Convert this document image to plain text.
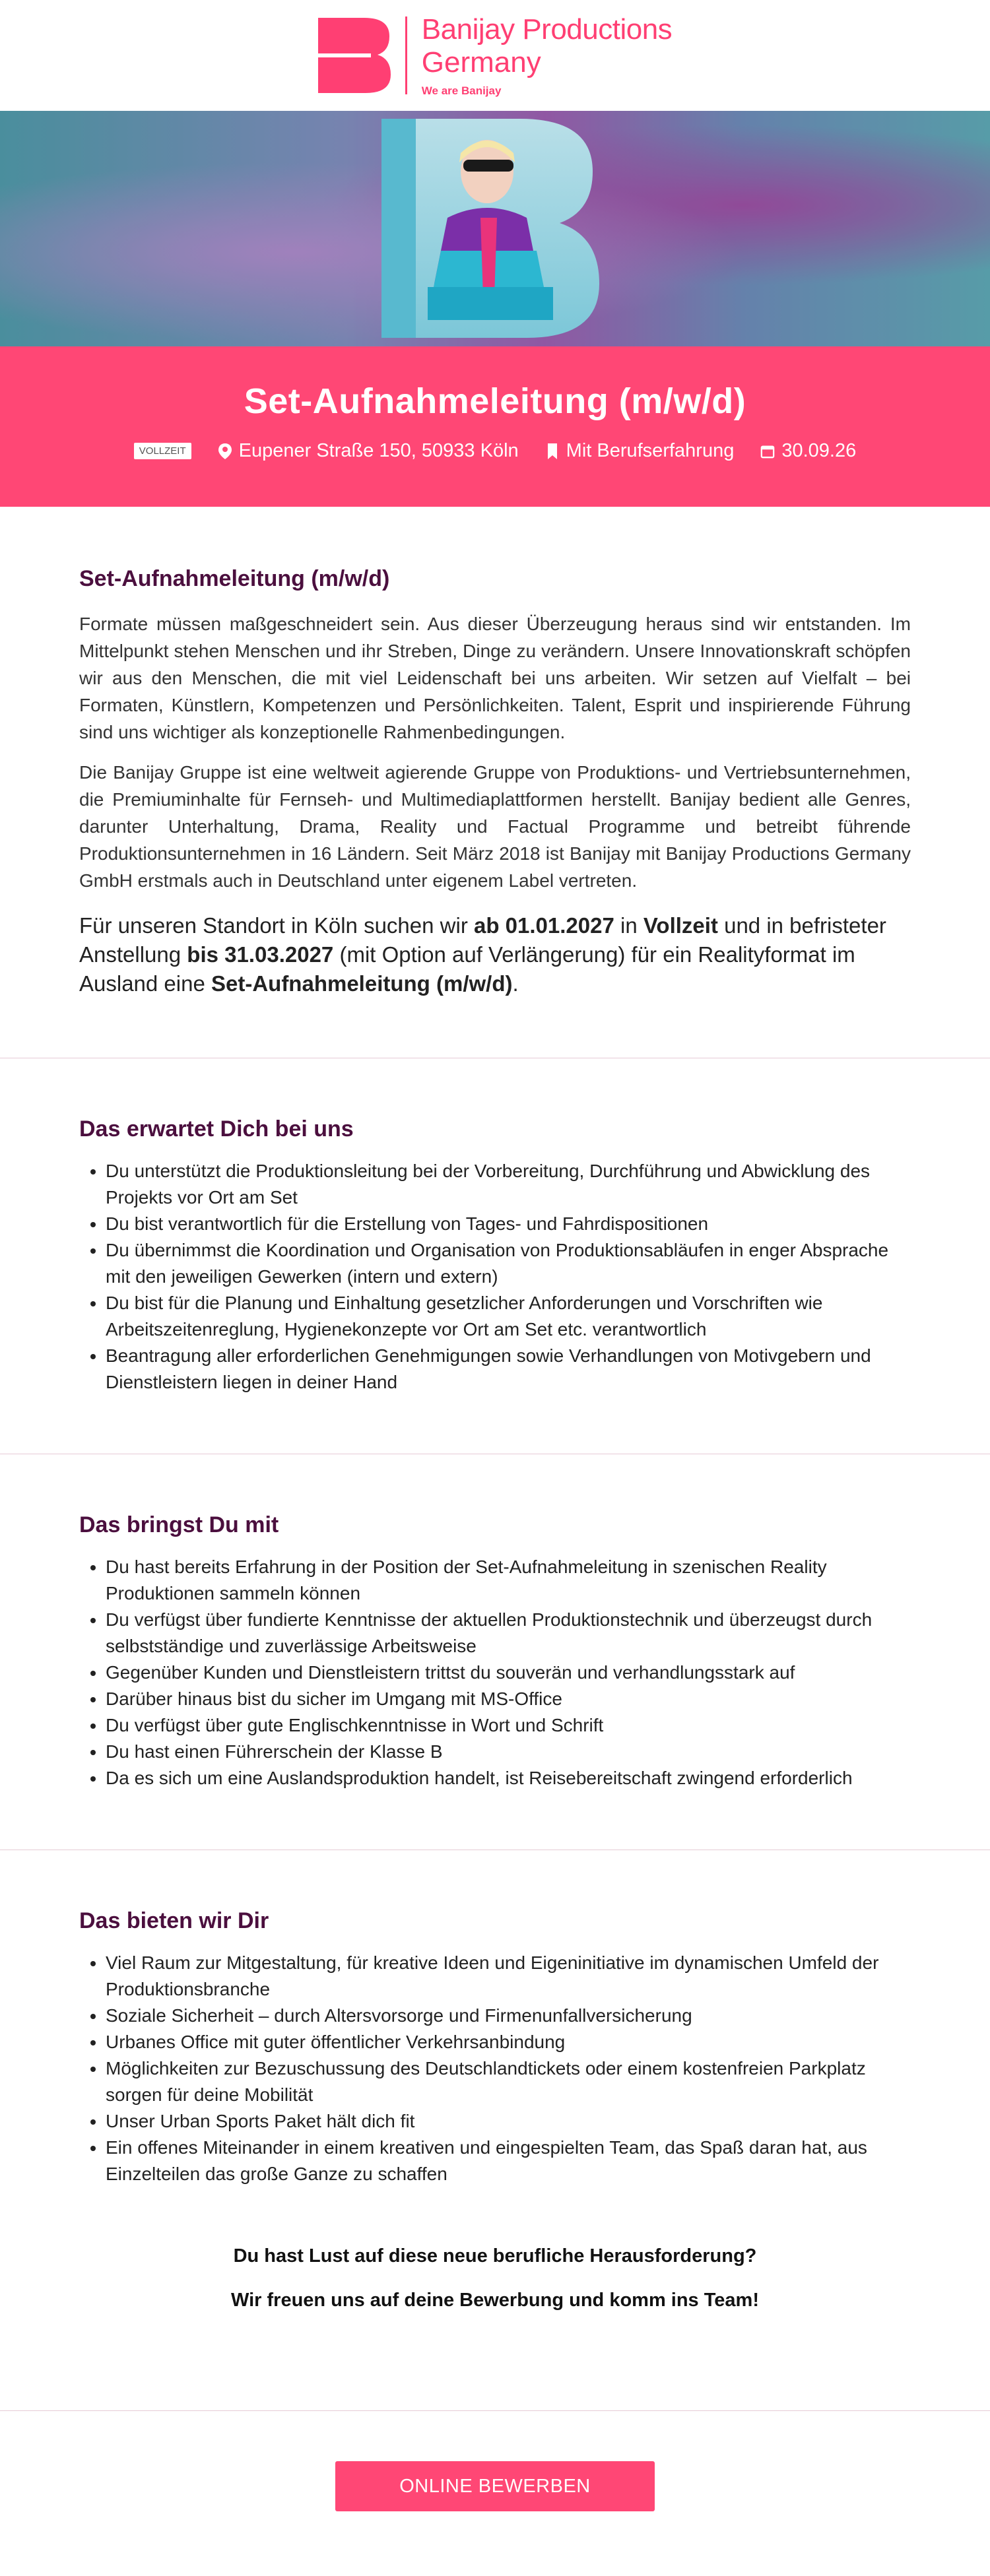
Banijay Productions
Germany
We are Banijay
Set-Aufnahmeleitung (m/w/d)
VOLLZEIT	Eupener Straße 150, 50933 Köln Mit Berufserfahrung 30.09.26
Set-Aufnahmeleitung (m/w/d)

Formate müssen maßgeschneidert sein. Aus dieser Überzeugung heraus sind wir entstanden. Im Mittelpunkt stehen Menschen und ihr Streben, Dinge zu verändern. Unsere Innovationskraft schöpfen wir aus den Menschen, die mit viel Leidenschaft bei uns arbeiten. Wir setzen auf Vielfalt – bei Formaten, Künstlern, Kompetenzen und Persönlichkeiten. Talent, Esprit und inspirierende Führung sind uns wichtiger als konzeptionelle Rahmenbedingungen.

Die Banijay Gruppe ist eine weltweit agierende Gruppe von Produktions- und Vertriebsunternehmen, die Premiuminhalte für Fernseh- und Multimediaplattformen herstellt. Banijay bedient alle Genres, darunter Unterhaltung, Drama, Reality und Factual Programme und betreibt führende Produktionsunternehmen in 16 Ländern. Seit März 2018 ist Banijay mit Banijay Productions Germany GmbH erstmals auch in Deutschland unter eigenem Label vertreten.

Für unseren Standort in Köln suchen wir ab 01.01.2027 in Vollzeit und in befristeter Anstellung bis 31.03.2027 (mit Option auf Verlängerung) für ein Realityformat im Ausland eine Set-Aufnahmeleitung (m/w/d).

Das erwartet Dich bei uns
• Du unterstützt die Produktionsleitung bei der Vorbereitung, Durchführung und Abwicklung des Projekts vor Ort am Set
• Du bist verantwortlich für die Erstellung von Tages- und Fahrdispositionen
• Du übernimmst die Koordination und Organisation von Produktionsabläufen in enger Absprache mit den jeweiligen Gewerken (intern und extern)
• Du bist für die Planung und Einhaltung gesetzlicher Anforderungen und Vorschriften wie Arbeitszeitenreglung, Hygienekonzepte vor Ort am Set etc. verantwortlich
• Beantragung aller erforderlichen Genehmigungen sowie Verhandlungen von Motivgebern und Dienstleistern liegen in deiner Hand
Das bringst Du mit
• Du hast bereits Erfahrung in der Position der Set-Aufnahmeleitung in szenischen Reality Produktionen sammeln können
• Du verfügst über fundierte Kenntnisse der aktuellen Produktionstechnik und überzeugst durch selbstständige und zuverlässige Arbeitsweise
• Gegenüber Kunden und Dienstleistern trittst du souverän und verhandlungsstark auf
• Darüber hinaus bist du sicher im Umgang mit MS-Office
• Du verfügst über gute Englischkenntnisse in Wort und Schrift
• Du hast einen Führerschein der Klasse B
• Da es sich um eine Auslandsproduktion handelt, ist Reisebereitschaft zwingend erforderlich
Das bieten wir Dir
• Viel Raum zur Mitgestaltung, für kreative Ideen und Eigeninitiative im dynamischen Umfeld der Produktionsbranche
• Soziale Sicherheit – durch Altersvorsorge und Firmenunfallversicherung
• Urbanes Office mit guter öffentlicher Verkehrsanbindung
• Möglichkeiten zur Bezuschussung des Deutschlandtickets oder einem kostenfreien Parkplatz sorgen für deine Mobilität
• Unser Urban Sports Paket hält dich fit
• Ein offenes Miteinander in einem kreativen und eingespielten Team, das Spaß daran hat, aus Einzelteilen das große Ganze zu schaffen

Du hast Lust auf diese neue berufliche Herausforderung?

Wir freuen uns auf deine Bewerbung und komm ins Team!

ONLINE BEWERBEN
